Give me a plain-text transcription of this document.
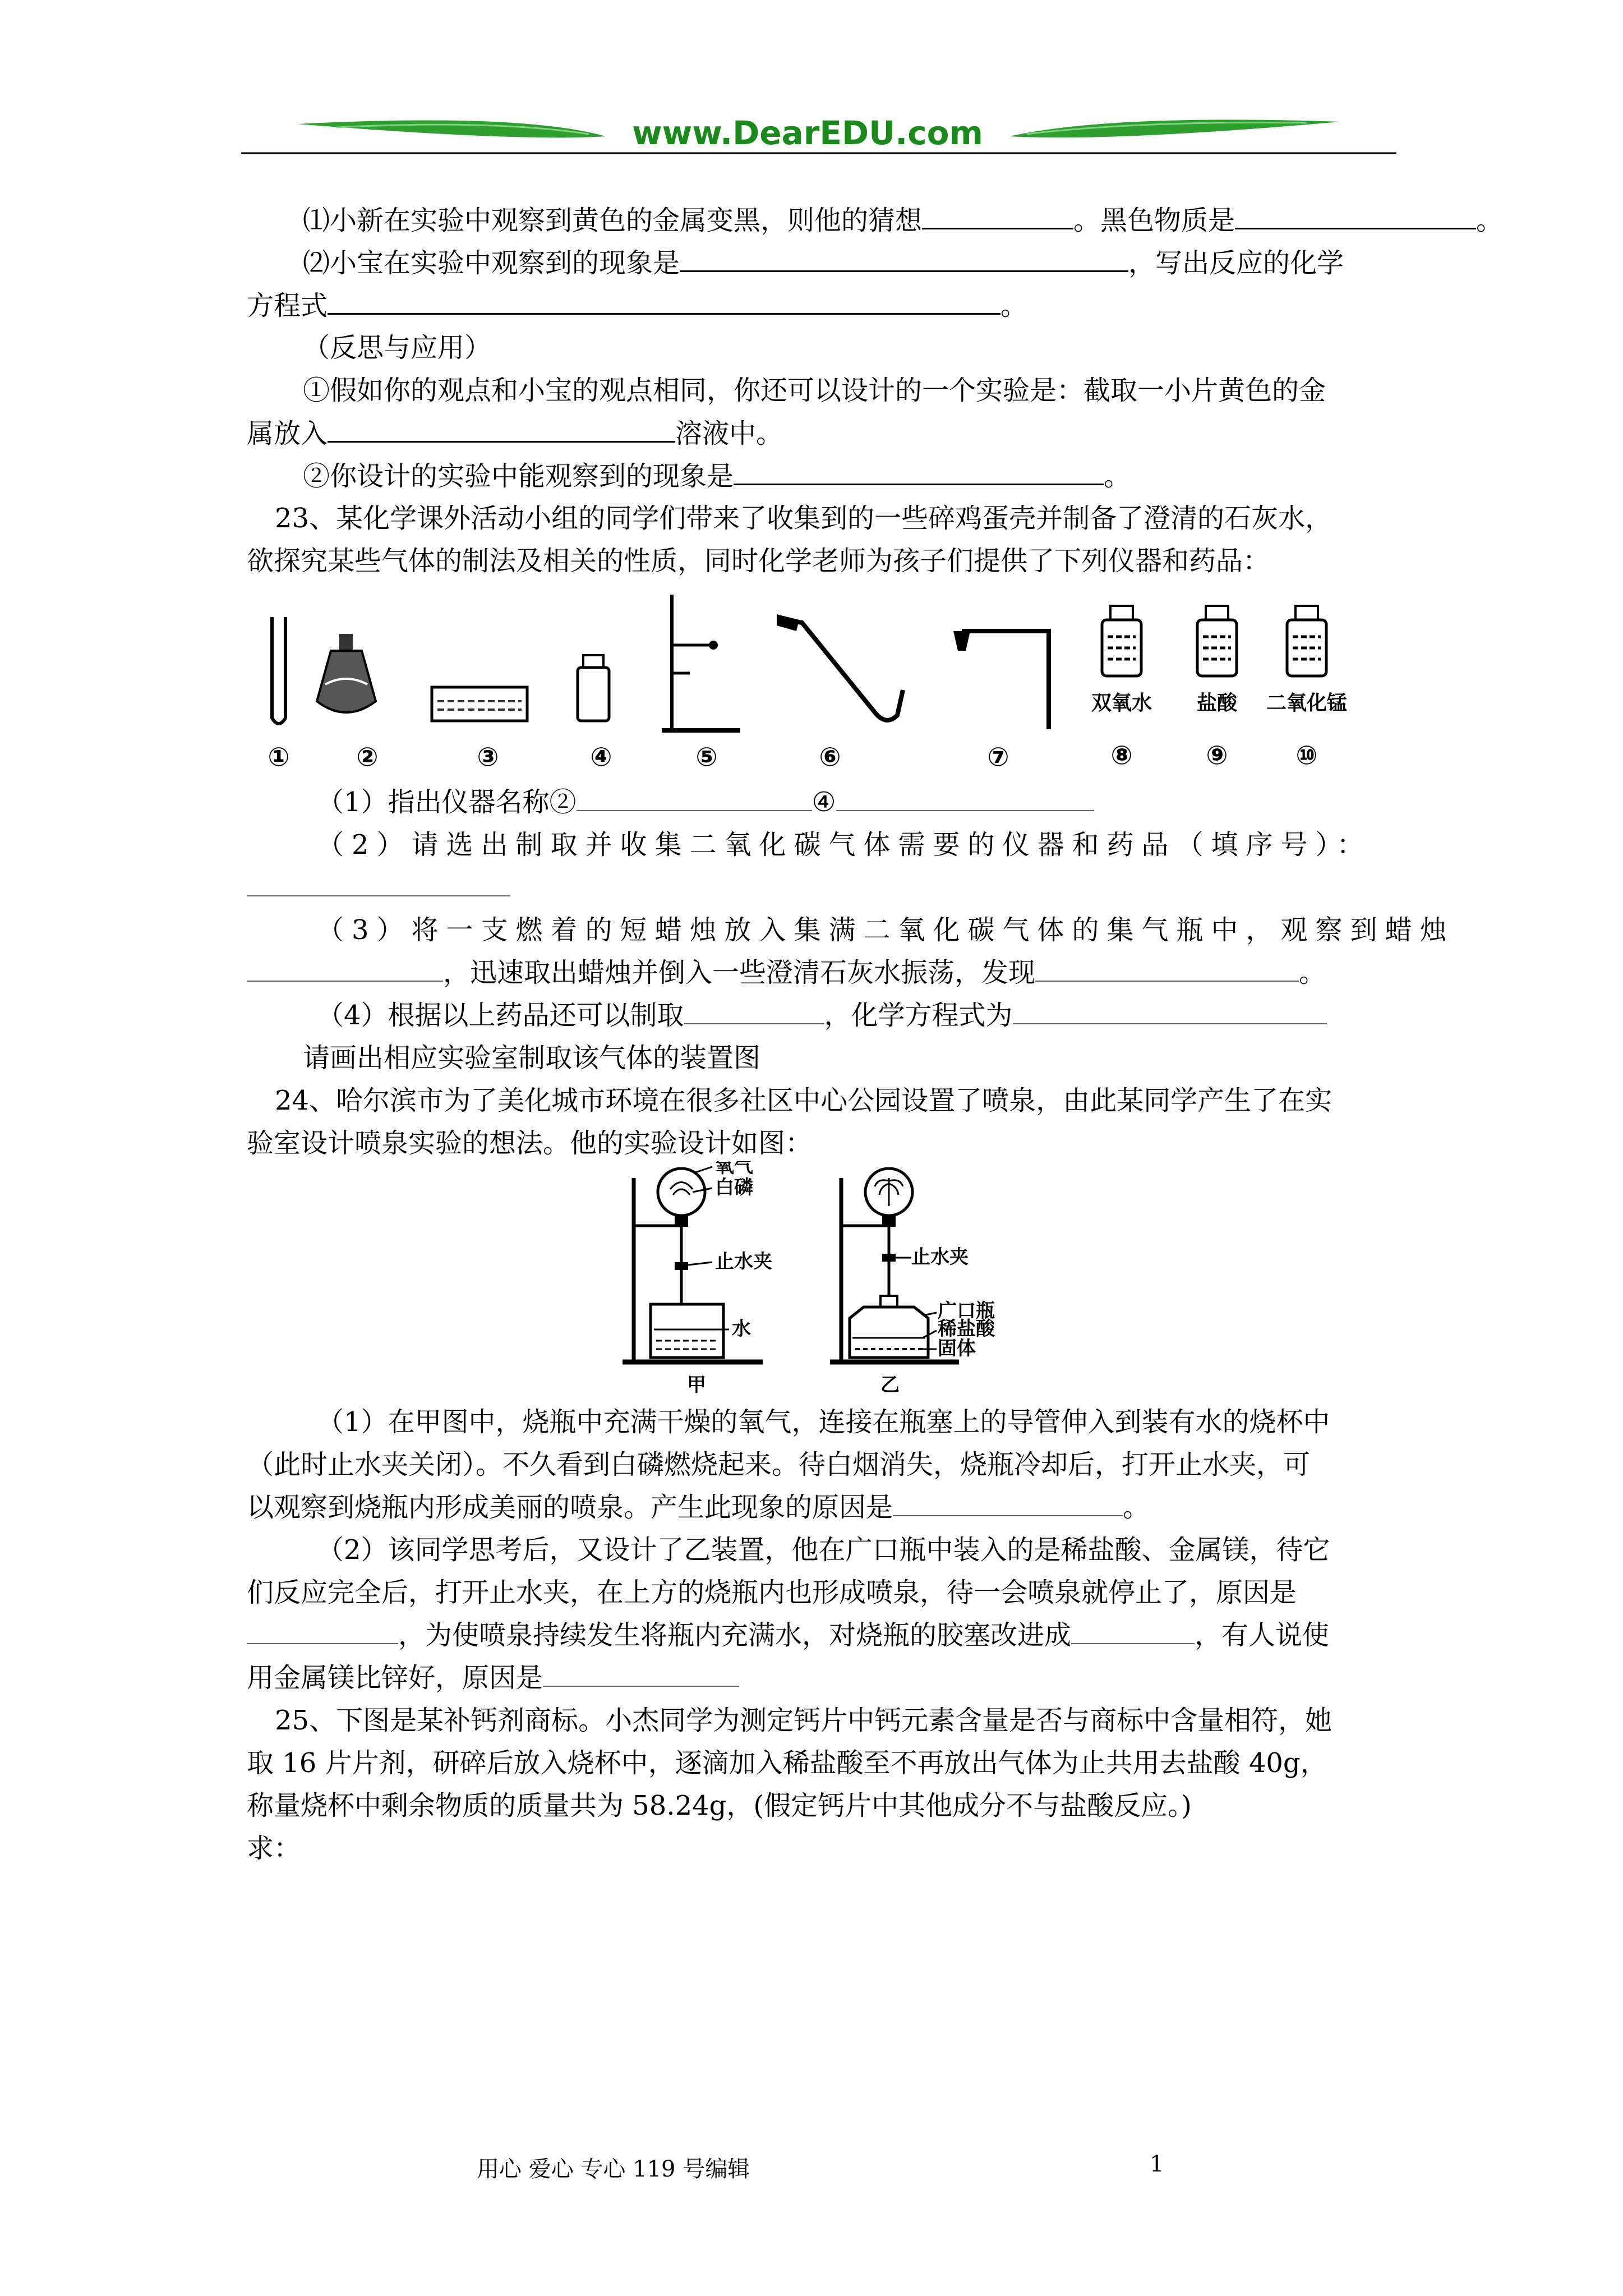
www.DearEDU.com
⑴小新在实验中观察到黄色的金属变黑，则他的猜想	。黑色物质是	。
⑵小宝在实验中观察到的现象是	，写出反应的化学
方程式	。
（反思与应用）
①假如你的观点和小宝的观点相同，你还可以设计的一个实验是：截取一小片黄色的金
属放入	溶液中。
②你设计的实验中能观察到的现象是	。
23、某化学课外活动小组的同学们带来了收集到的一些碎鸡蛋壳并制备了澄清的石灰水，
欲探究某些气体的制法及相关的性质，同时化学老师为孩子们提供了下列仪器和药品：
双氧水 盐酸 二氧化锰
①	②	③	④	⑤	⑥	⑦	⑧	⑨	⑩
（1）指出仪器名称②	④
（2）请选出制取并收集二氧化碳气体需要的仪器和药品（填序号）：
（3）将一支燃着的短蜡烛放入集满二氧化碳气体的集气瓶中，观察到蜡烛
，迅速取出蜡烛并倒入一些澄清石灰水振荡，发现	。
（4）根据以上药品还可以制取	，化学方程式为
请画出相应实验室制取该气体的装置图
24、哈尔滨市为了美化城市环境在很多社区中心公园设置了喷泉，由此某同学产生了在实
验室设计喷泉实验的想法。他的实验设计如图：
氧气
白磷
止水夹
水
甲
止水夹
广口瓶
稀盐酸
固体
乙
（1）在甲图中，烧瓶中充满干燥的氧气，连接在瓶塞上的导管伸入到装有水的烧杯中
（此时止水夹关闭）。不久看到白磷燃烧起来。待白烟消失，烧瓶冷却后，打开止水夹，可
以观察到烧瓶内形成美丽的喷泉。产生此现象的原因是	。
（2）该同学思考后，又设计了乙装置，他在广口瓶中装入的是稀盐酸、金属镁，待它
们反应完全后，打开止水夹，在上方的烧瓶内也形成喷泉，待一会喷泉就停止了，原因是
，为使喷泉持续发生将瓶内充满水，对烧瓶的胶塞改进成	，有人说使
用金属镁比锌好，原因是
25、下图是某补钙剂商标。小杰同学为测定钙片中钙元素含量是否与商标中含量相符，她
取 16 片片剂，研碎后放入烧杯中，逐滴加入稀盐酸至不再放出气体为止共用去盐酸 40g，
称量烧杯中剩余物质的质量共为 58.24g，(假定钙片中其他成分不与盐酸反应。)
求：
用心 爱心 专心 119 号编辑	1
